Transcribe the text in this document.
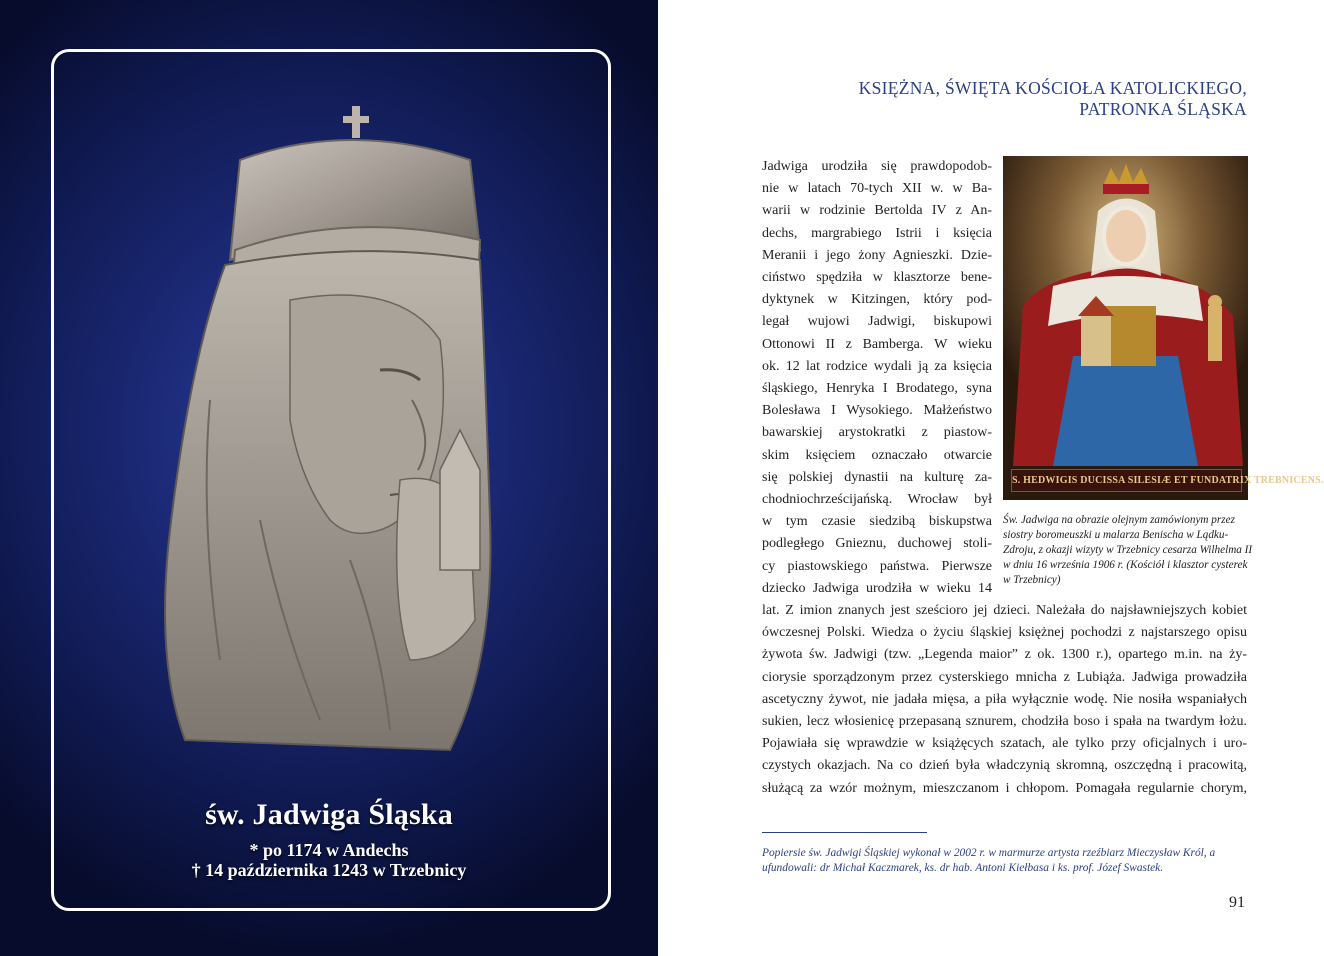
św. Jadwiga Śląska
* po 1174 w Andechs
† 14 października 1243 w Trzebnicy
KSIĘŻNA, ŚWIĘTA KOŚCIOŁA KATOLICKIEGO,
PATRONKA ŚLĄSKA
S. HEDWIGIS DUCISSA SILESIÆ ET FUNDATRIX TREBNICENS.
Św. Jadwiga na obrazie olejnym zamówionym przez siostry boromeuszki u malarza Benischa w Lądku-Zdroju, z okazji wizyty w Trzebnicy cesarza Wilhelma II w dniu 16 września 1906 r. (Kościół i klasztor cysterek w Trzebnicy)
Jadwiga urodziła się prawdopodob-
nie w latach 70-tych XII w. w Ba-
warii w rodzinie Bertolda IV z An-
dechs, margrabiego Istrii i księcia
Meranii i jego żony Agnieszki. Dzie-
ciństwo spędziła w klasztorze bene-
dyktynek w Kitzingen, który pod-
legał wujowi Jadwigi, biskupowi
Ottonowi II z Bambergа. W wieku
ok. 12 lat rodzice wydali ją za księcia
śląskiego, Henryka I Brodatego, syna
Bolesława I Wysokiego. Małżeństwo
bawarskiej arystokratki z piastow-
skim księciem oznaczało otwarcie
się polskiej dynastii na kulturę za-
chodniochrześcijańską. Wrocław był
w tym czasie siedzibą biskupstwa
podległego Gnieznu, duchowej stoli-
cy piastowskiego państwa. Pierwsze
dziecko Jadwiga urodziła w wieku 14
lat. Z imion znanych jest sześcioro jej dzieci. Należała do najsławniejszych kobiet
ówczesnej Polski. Wiedza o życiu śląskiej księżnej pochodzi z najstarszego opisu
żywota św. Jadwigi (tzw. „Legenda maior” z ok. 1300 r.), opartego m.in. na ży-
ciorysie sporządzonym przez cysterskiego mnicha z Lubiąża. Jadwiga prowadziła
ascetyczny żywot, nie jadała mięsa, a piła wyłącznie wodę. Nie nosiła wspaniałych
sukien, lecz włosienicę przepasaną sznurem, chodziła boso i spała na twardym łożu.
Pojawiała się wprawdzie w książęcych szatach, ale tylko przy oficjalnych i uro-
czystych okazjach. Na co dzień była władczynią skromną, oszczędną i pracowitą,
służącą za wzór możnym, mieszczanom i chłopom. Pomagała regularnie chorym,
Popiersie św. Jadwigi Śląskiej wykonał w 2002 r. w marmurze artysta rzeźbiarz Mieczysław Król, a ufundowali: dr Michał Kaczmarek, ks. dr hab. Antoni Kiełbasa i ks. prof. Józef Swastek.
91
